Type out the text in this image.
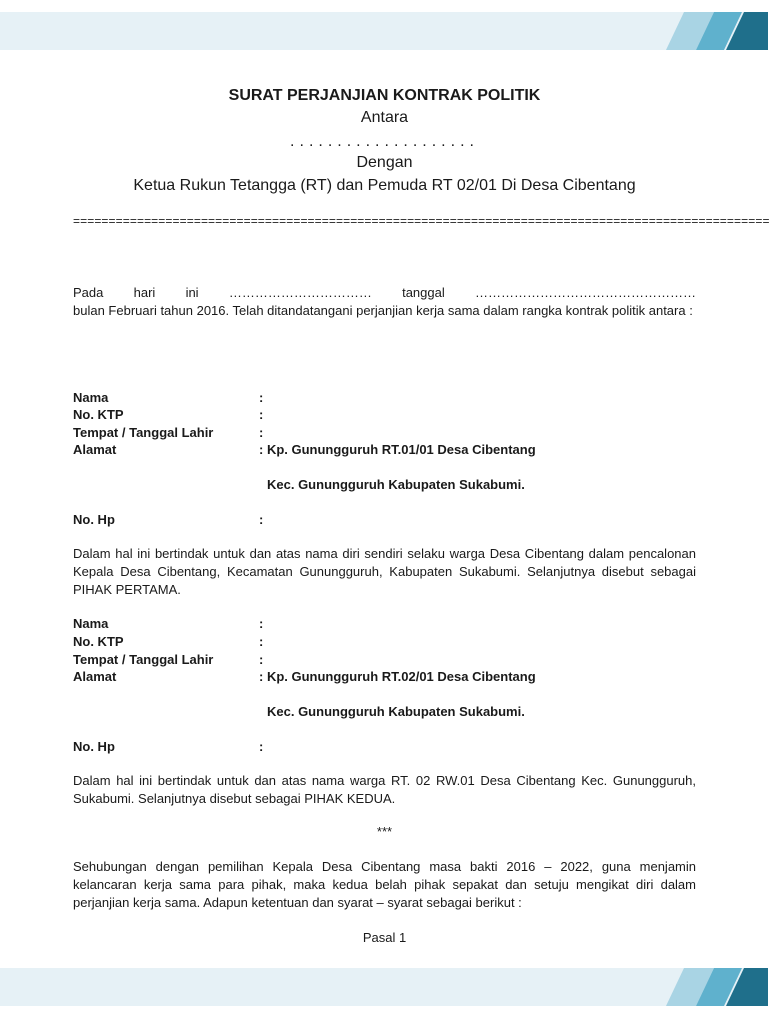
SURAT PERJANJIAN KONTRAK POLITIK
Antara
....................
Dengan
Ketua Rukun Tetangga (RT) dan Pemuda RT 02/01 Di Desa Cibentang
==================================================================================================
Pada hari ini …………………………… tanggal ……………………………………………
bulan Februari tahun 2016. Telah ditandatangani perjanjian kerja sama dalam rangka kontrak politik antara :
Nama	:
No. KTP	:
Tempat / Tanggal Lahir	:
Alamat	: Kp. Gunungguruh RT.01/01 Desa Cibentang
Kec. Gunungguruh Kabupaten Sukabumi.
No. Hp	:
Dalam hal ini bertindak untuk dan atas nama diri sendiri selaku warga Desa Cibentang dalam pencalonan Kepala Desa Cibentang, Kecamatan Gunungguruh, Kabupaten Sukabumi. Selanjutnya disebut sebagai PIHAK PERTAMA.
Nama	:
No. KTP	:
Tempat / Tanggal Lahir	:
Alamat	: Kp. Gunungguruh RT.02/01 Desa Cibentang
Kec. Gunungguruh Kabupaten Sukabumi.
No. Hp	:
Dalam hal ini bertindak untuk dan atas nama warga RT. 02 RW.01 Desa Cibentang Kec. Gunungguruh, Sukabumi. Selanjutnya disebut sebagai PIHAK KEDUA.
***
Sehubungan dengan pemilihan Kepala Desa Cibentang masa bakti 2016 – 2022, guna menjamin kelancaran kerja sama para pihak, maka kedua belah pihak sepakat dan setuju mengikat diri dalam perjanjian kerja sama. Adapun ketentuan dan syarat – syarat sebagai berikut :
Pasal 1
